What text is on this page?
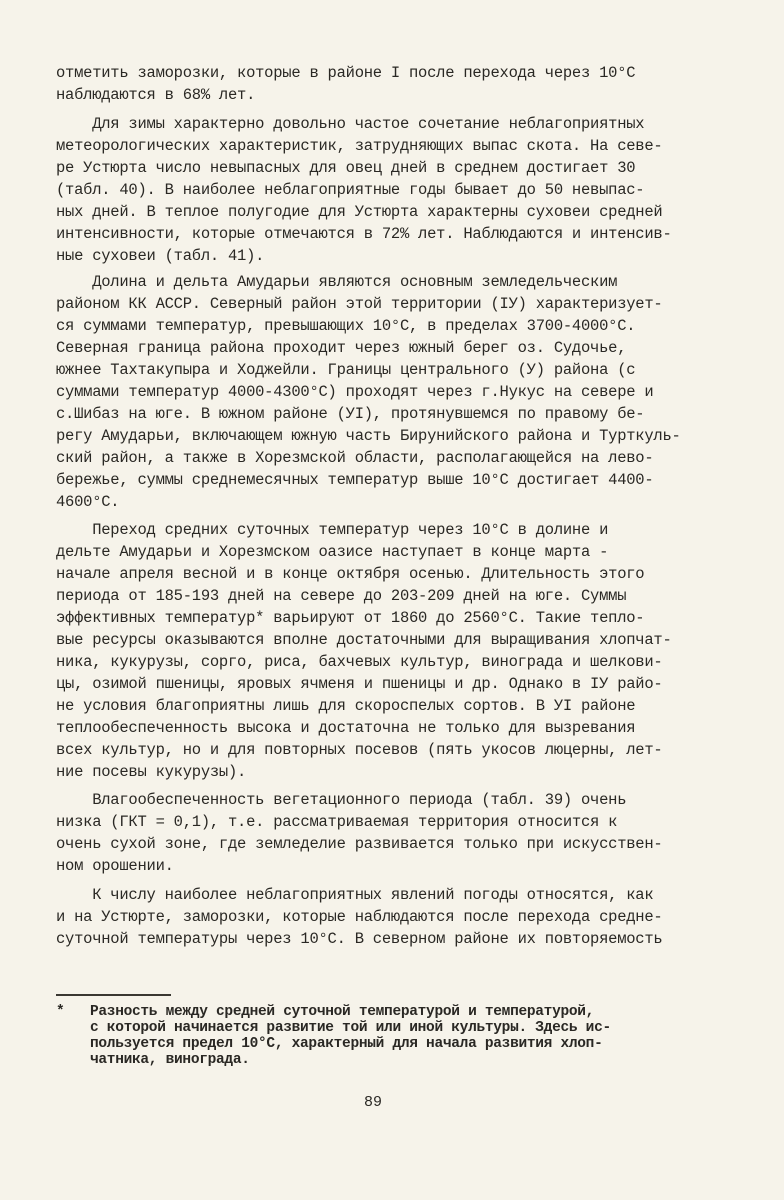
отметить заморозки, которые в районе I после перехода через 10°С
наблюдаются в 68% лет.
Для зимы характерно довольно частое сочетание неблагоприятных
метеорологических характеристик, затрудняющих выпас скота. На севе-
ре Устюрта число невыпасных для овец дней в среднем достигает 30
(табл. 40). В наиболее неблагоприятные годы бывает до 50 невыпас-
ных дней. В теплое полугодие для Устюрта характерны суховеи средней
интенсивности, которые отмечаются в 72% лет. Наблюдаются и интенсив-
ные суховеи (табл. 41).
Долина и дельта Амударьи являются основным земледельческим
районом КК АССР. Северный район этой территории (IУ) характеризует-
ся суммами температур, превышающих 10°С, в пределах 3700-4000°С.
Северная граница района проходит через южный берег оз. Судочье,
южнее Тахтакупыра и Ходжейли. Границы центрального (У) района (с
суммами температур 4000-4300°С) проходят через г.Нукус на севере и
с.Шибаз на юге. В южном районе (УI), протянувшемся по правому бе-
регу Амударьи, включающем южную часть Бирунийского района и Турткуль-
ский район, а также в Хорезмской области, располагающейся на лево-
бережье, суммы среднемесячных температур выше 10°С достигает 4400-
4600°С.
Переход средних суточных температур через 10°С в долине и
дельте Амударьи и Хорезмском оазисе наступает в конце марта -
начале апреля весной и в конце октября осенью. Длительность этого
периода от 185-193 дней на севере до 203-209 дней на юге. Суммы
эффективных температур* варьируют от 1860 до 2560°С. Такие тепло-
вые ресурсы оказываются вполне достаточными для выращивания хлопчат-
ника, кукурузы, сорго, риса, бахчевых культур, винограда и шелкови-
цы, озимой пшеницы, яровых ячменя и пшеницы и др. Однако в IУ райо-
не условия благоприятны лишь для скороспелых сортов. В УI районе
теплообеспеченность высока и достаточна не только для вызревания
всех культур, но и для повторных посевов (пять укосов люцерны, лет-
ние посевы кукурузы).
Влагообеспеченность вегетационного периода (табл. 39) очень
низка (ГКТ = 0,1), т.е. рассматриваемая территория относится к
очень сухой зоне, где земледелие развивается только при искусствен-
ном орошении.
К числу наиболее неблагоприятных явлений погоды относятся, как
и на Устюрте, заморозки, которые наблюдаются после перехода средне-
суточной температуры через 10°С. В северном районе их повторяемость
* Разность между средней суточной температурой и температурой,
с которой начинается развитие той или иной культуры. Здесь ис-
пользуется предел 10°С, характерный для начала развития хлоп-
чатника, винограда.
89
